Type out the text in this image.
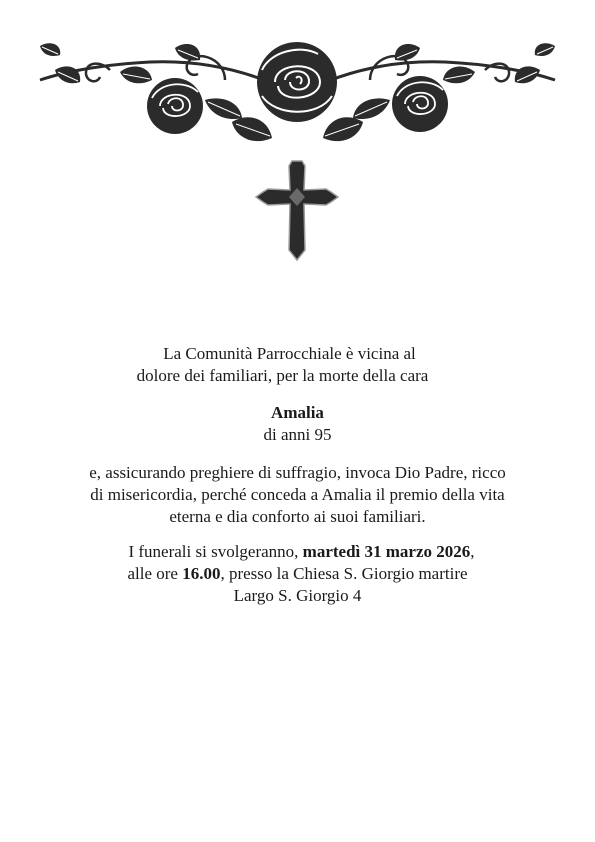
La Comunità Parrocchiale è vicina al
dolore dei familiari, per la morte della cara
Amalia
di anni 95
e, assicurando preghiere di suffragio, invoca Dio Padre, ricco
di misericordia, perché conceda a Amalia il premio della vita
eterna e dia conforto ai suoi familiari.
I funerali si svolgeranno, martedì 31 marzo 2026,
alle ore 16.00, presso la Chiesa S. Giorgio martire
Largo S. Giorgio 4
